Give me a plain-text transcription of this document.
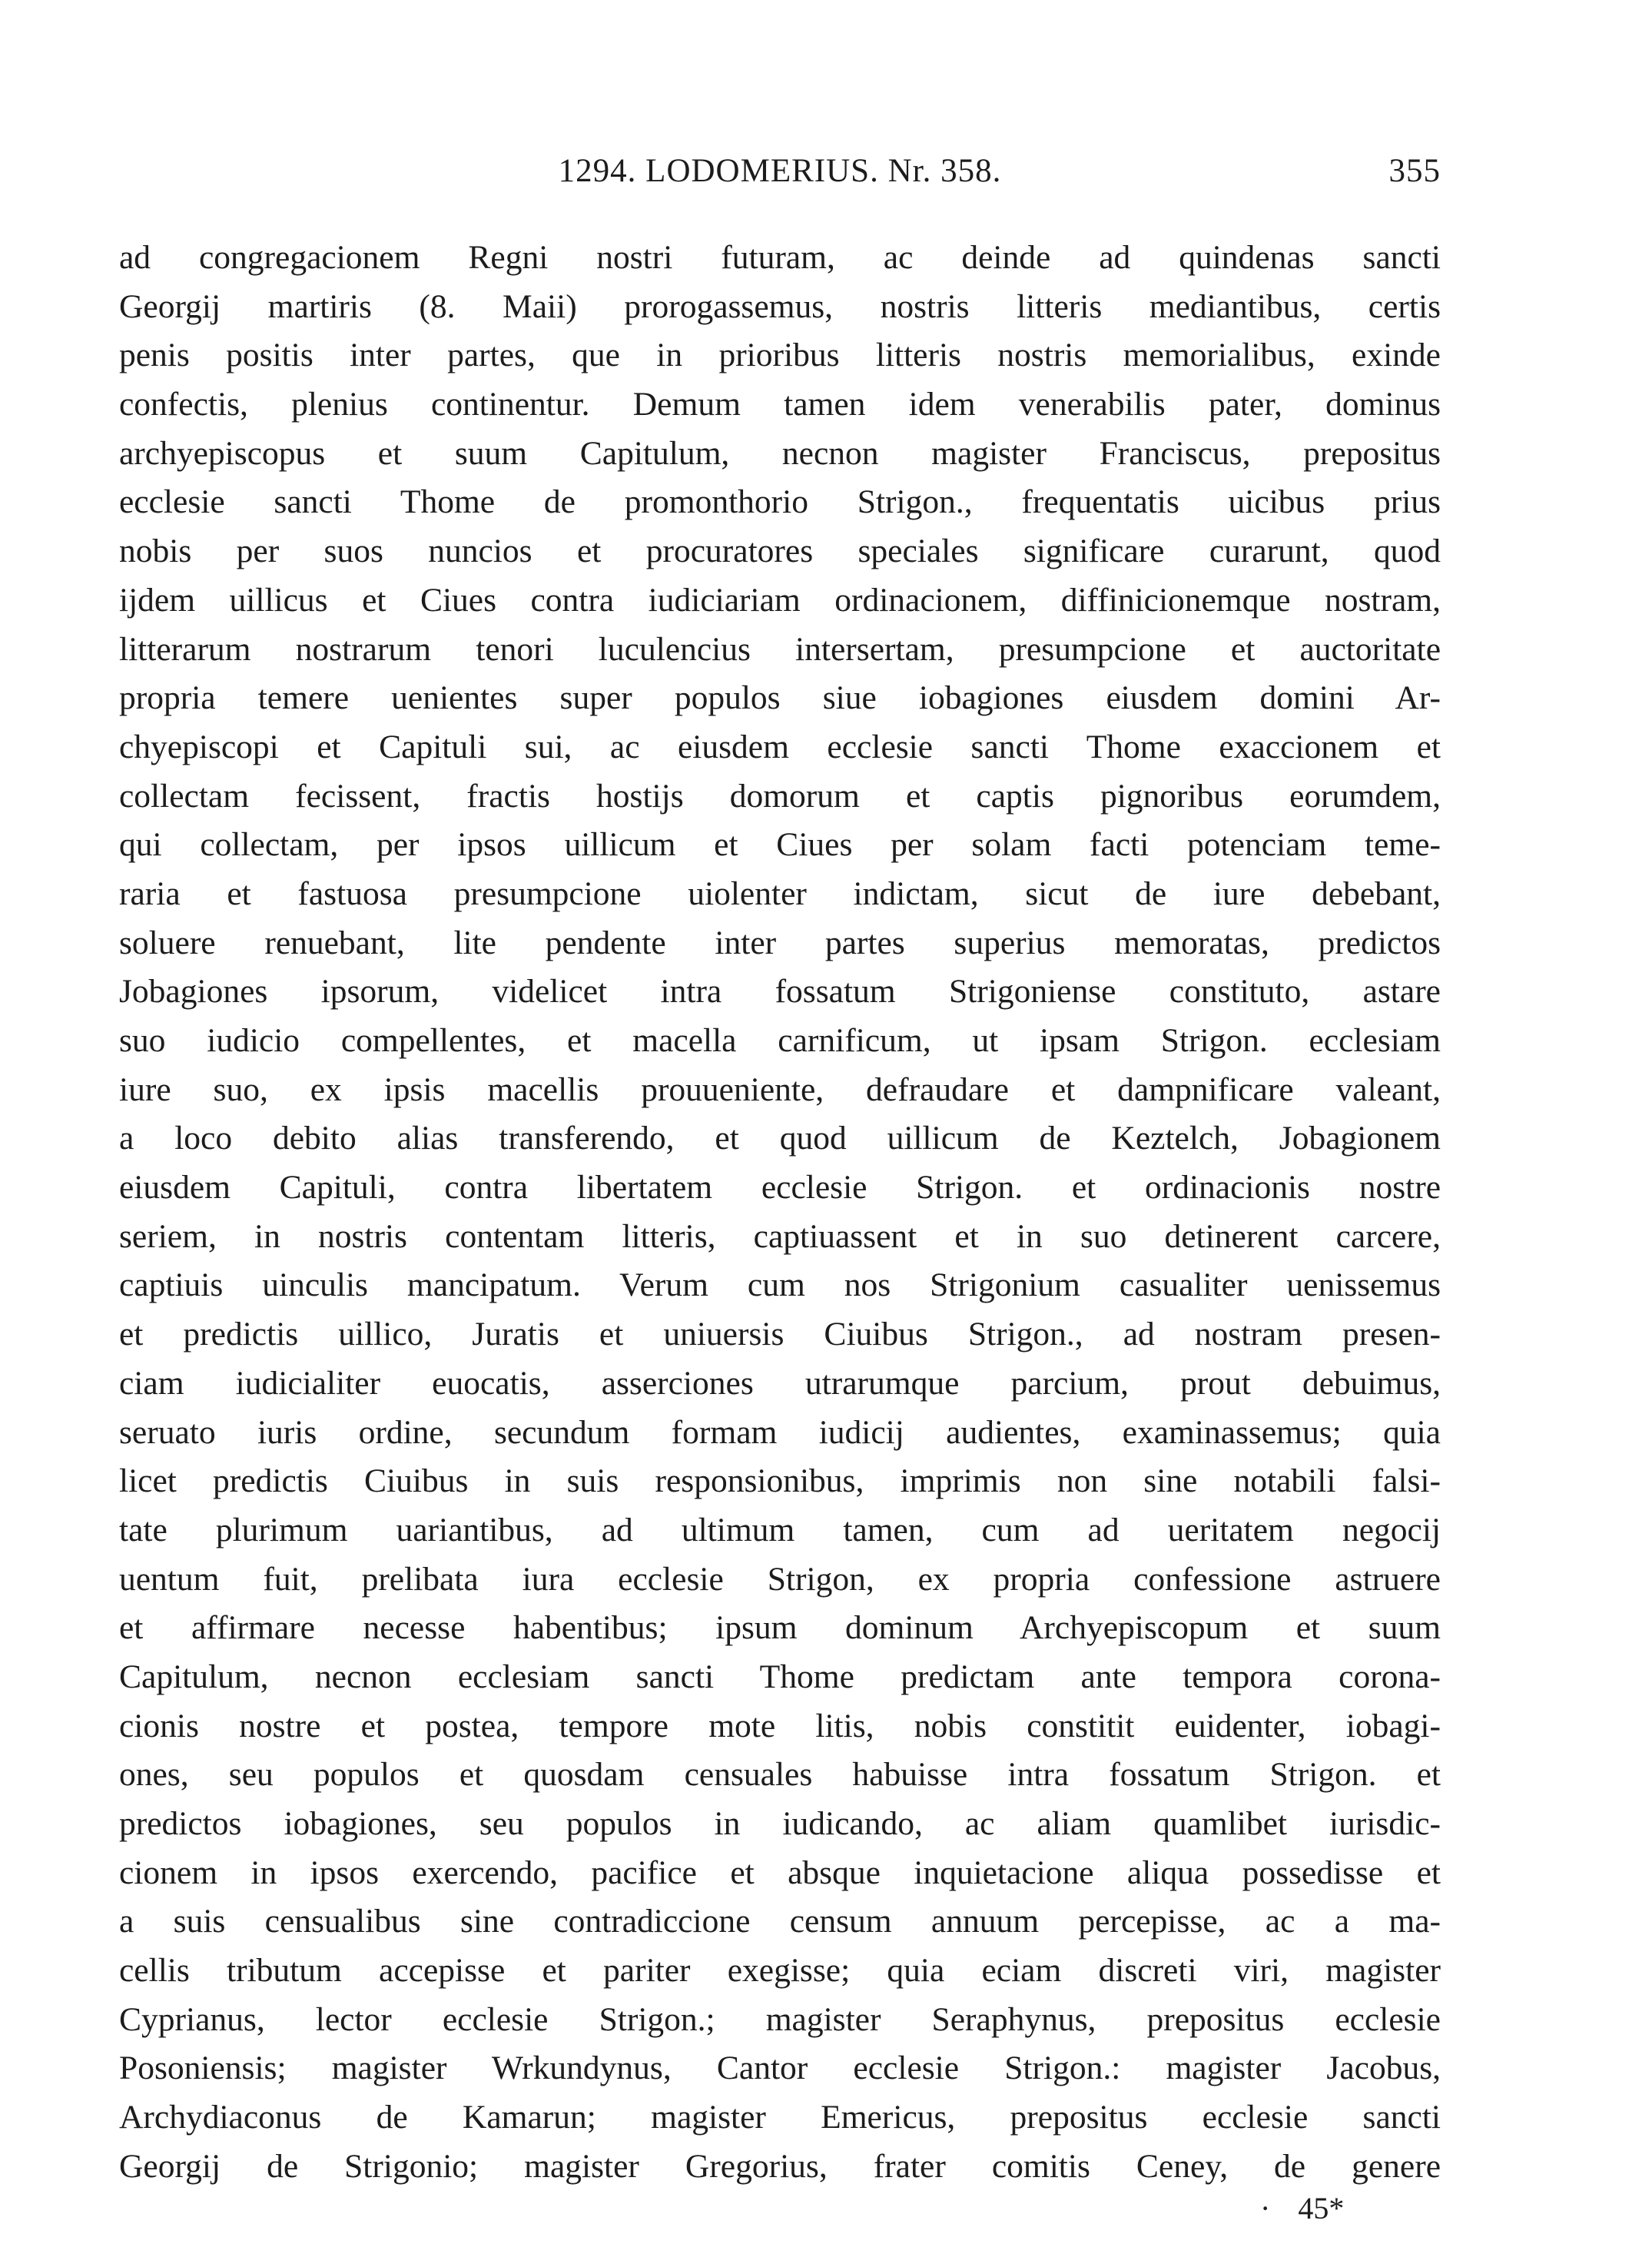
1294. LODOMERIUS. Nr. 358.	355
ad congregacionem Regni nostri futuram, ac deinde ad quindenas sancti
Georgij martiris (8. Maii) prorogassemus, nostris litteris mediantibus, certis
penis positis inter partes, que in prioribus litteris nostris memorialibus, exinde
confectis, plenius continentur. Demum tamen idem venerabilis pater, dominus
archyepiscopus et suum Capitulum, necnon magister Franciscus, prepositus
ecclesie sancti Thome de promonthorio Strigon., frequentatis uicibus prius
nobis per suos nuncios et procuratores speciales significare curarunt, quod
ijdem uillicus et Ciues contra iudiciariam ordinacionem, diffinicionemque nostram,
litterarum nostrarum tenori luculencius intersertam, presumpcione et auctoritate
propria temere uenientes super populos siue iobagiones eiusdem domini Ar-
chyepiscopi et Capituli sui, ac eiusdem ecclesie sancti Thome exaccionem et
collectam fecissent, fractis hostijs domorum et captis pignoribus eorumdem,
qui collectam, per ipsos uillicum et Ciues per solam facti potenciam teme-
raria et fastuosa presumpcione uiolenter indictam, sicut de iure debebant,
soluere renuebant, lite pendente inter partes superius memoratas, predictos
Jobagiones ipsorum, videlicet intra fossatum Strigoniense constituto, astare
suo iudicio compellentes, et macella carnificum, ut ipsam Strigon. ecclesiam
iure suo, ex ipsis macellis prouueniente, defraudare et dampnificare valeant,
a loco debito alias transferendo, et quod uillicum de Keztelch, Jobagionem
eiusdem Capituli, contra libertatem ecclesie Strigon. et ordinacionis nostre
seriem, in nostris contentam litteris, captiuassent et in suo detinerent carcere,
captiuis uinculis mancipatum. Verum cum nos Strigonium casualiter uenissemus
et predictis uillico, Juratis et uniuersis Ciuibus Strigon., ad nostram presen-
ciam iudicialiter euocatis, asserciones utrarumque parcium, prout debuimus,
seruato iuris ordine, secundum formam iudicij audientes, examinassemus; quia
licet predictis Ciuibus in suis responsionibus, imprimis non sine notabili falsi-
tate plurimum uariantibus, ad ultimum tamen, cum ad ueritatem negocij
uentum fuit, prelibata iura ecclesie Strigon, ex propria confessione astruere
et affirmare necesse habentibus; ipsum dominum Archyepiscopum et suum
Capitulum, necnon ecclesiam sancti Thome predictam ante tempora corona-
cionis nostre et postea, tempore mote litis, nobis constitit euidenter, iobagi-
ones, seu populos et quosdam censuales habuisse intra fossatum Strigon. et
predictos iobagiones, seu populos in iudicando, ac aliam quamlibet iurisdic-
cionem in ipsos exercendo, pacifice et absque inquietacione aliqua possedisse et
a suis censualibus sine contradiccione censum annuum percepisse, ac a ma-
cellis tributum accepisse et pariter exegisse; quia eciam discreti viri, magister
Cyprianus, lector ecclesie Strigon.; magister Seraphynus, prepositus ecclesie
Posoniensis; magister Wrkundynus, Cantor ecclesie Strigon.: magister Jacobus,
Archydiaconus de Kamarun; magister Emericus, prepositus ecclesie sancti
Georgij de Strigonio; magister Gregorius, frater comitis Ceney, de genere
· 45*
